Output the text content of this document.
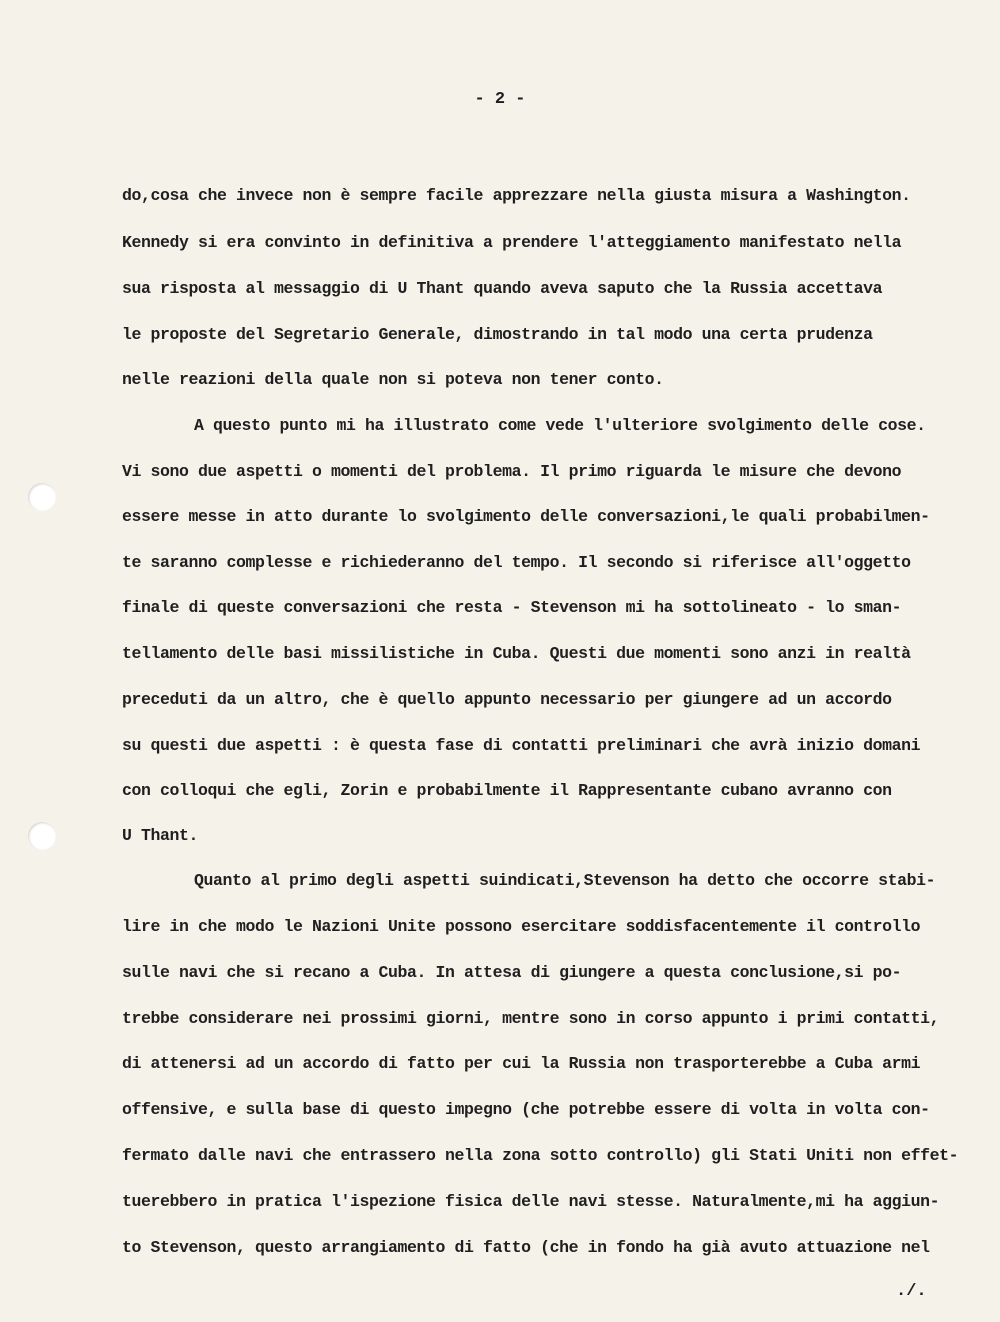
- 2 -
do,cosa che invece non è sempre facile apprezzare nella giusta misura a Washington.
Kennedy si era convinto in definitiva a prendere l'atteggiamento manifestato nella
sua risposta al messaggio di U Thant quando aveva saputo che la Russia accettava
le proposte del Segretario Generale, dimostrando in tal modo una certa prudenza
nelle reazioni della quale non si poteva non tener conto.
A questo punto mi ha illustrato come vede l'ulteriore svolgimento delle cose.
Vi sono due aspetti o momenti del problema. Il primo riguarda le misure che devono
essere messe in atto durante lo svolgimento delle conversazioni,le quali probabilmen-
te saranno complesse e richiederanno del tempo. Il secondo si riferisce all'oggetto
finale di queste conversazioni che resta - Stevenson mi ha sottolineato - lo sman-
tellamento delle basi missilistiche in Cuba. Questi due momenti sono anzi in realtà
preceduti da un altro, che è quello appunto necessario per giungere ad un accordo
su questi due aspetti : è questa fase di contatti preliminari che avrà inizio domani
con colloqui che egli, Zorin e probabilmente il Rappresentante cubano avranno con
U Thant.
Quanto al primo degli aspetti suindicati,Stevenson ha detto che occorre stabi-
lire in che modo le Nazioni Unite possono esercitare soddisfacentemente il controllo
sulle navi che si recano a Cuba. In attesa di giungere a questa conclusione,si po-
trebbe considerare nei prossimi giorni, mentre sono in corso appunto i primi contatti,
di attenersi ad un accordo di fatto per cui la Russia non trasporterebbe a Cuba armi
offensive, e sulla base di questo impegno (che potrebbe essere di volta in volta con-
fermato dalle navi che entrassero nella zona sotto controllo) gli Stati Uniti non effet-
tuerebbero in pratica l'ispezione fisica delle navi stesse. Naturalmente,mi ha aggiun-
to Stevenson, questo arrangiamento di fatto (che in fondo ha già avuto attuazione nel
./.
